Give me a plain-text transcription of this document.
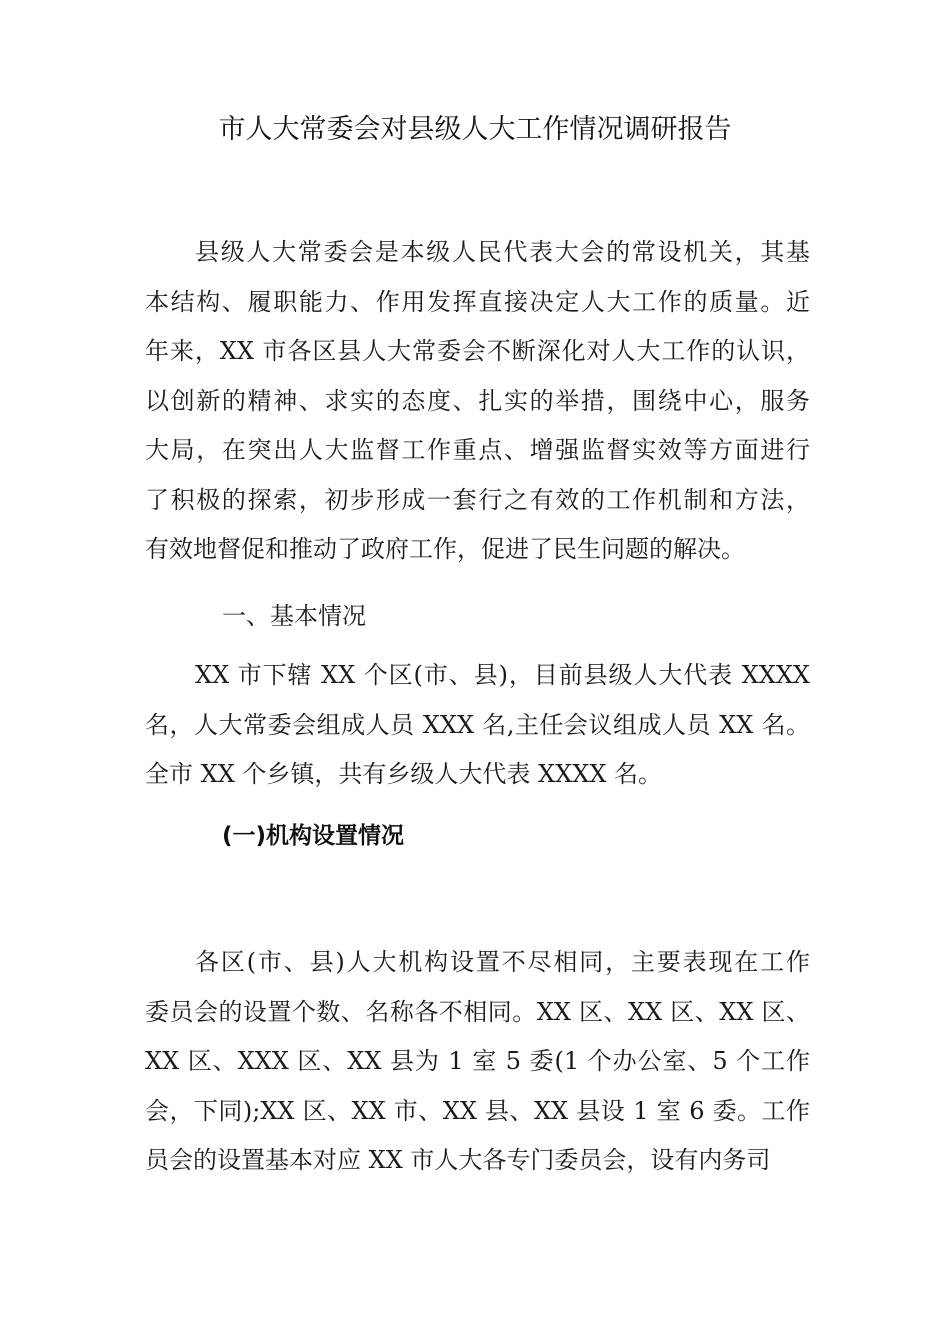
市人大常委会对县级人大工作情况调研报告
县级人大常委会是本级人民代表大会的常设机关，其基
本结构、履职能力、作用发挥直接决定人大工作的质量。近
年来，XX 市各区县人大常委会不断深化对人大工作的认识，
以创新的精神、求实的态度、扎实的举措，围绕中心，服务
大局，在突出人大监督工作重点、增强监督实效等方面进行
了积极的探索，初步形成一套行之有效的工作机制和方法，
有效地督促和推动了政府工作，促进了民生问题的解决。
一、基本情况
XX 市下辖 XX 个区(市、县)，目前县级人大代表 XXXX
名，人大常委会组成人员 XXX 名,主任会议组成人员 XX 名。
全市 XX 个乡镇，共有乡级人大代表 XXXX 名。
(一)机构设置情况
各区(市、县)人大机构设置不尽相同，主要表现在工作
委员会的设置个数、名称各不相同。XX 区、XX 区、XX 区、
XX 区、XXX 区、XX 县为 1 室 5 委(1 个办公室、5 个工作
会，下同);XX 区、XX 市、XX 县、XX 县设 1 室 6 委。工作
员会的设置基本对应 XX 市人大各专门委员会，设有内务司
